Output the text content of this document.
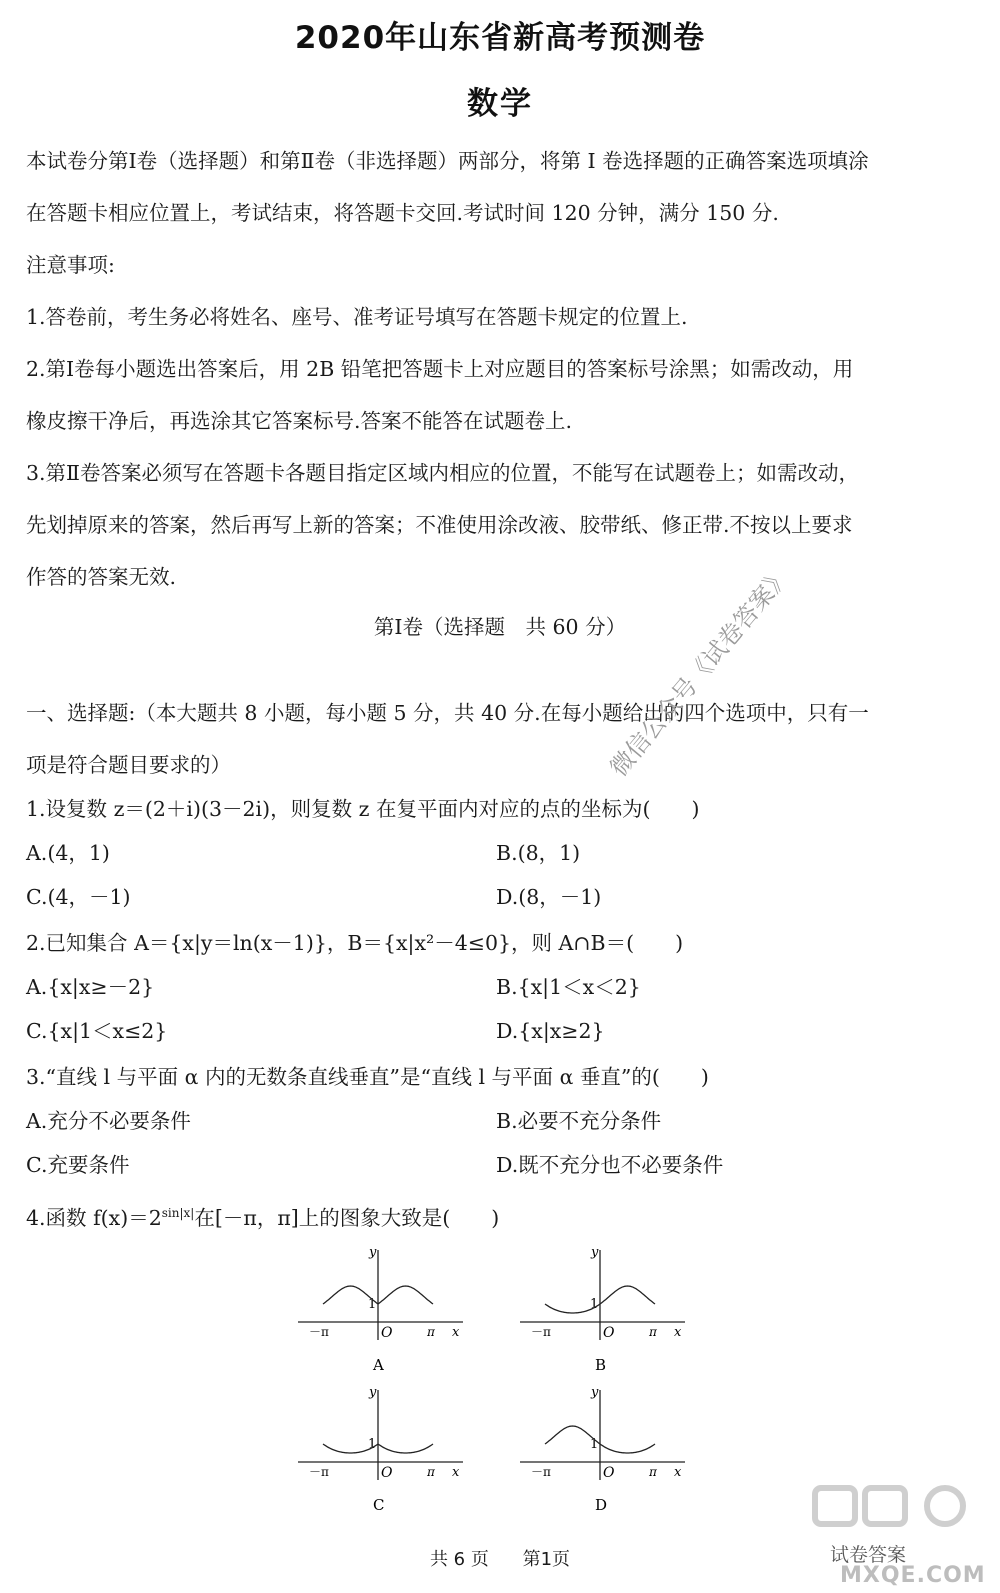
2020年山东省新高考预测卷
数学
本试卷分第Ⅰ卷（选择题）和第Ⅱ卷（非选择题）两部分，将第 I 卷选择题的正确答案选项填涂
在答题卡相应位置上，考试结束，将答题卡交回.考试时间 120 分钟，满分 150 分.
注意事项:
1.答卷前，考生务必将姓名、座号、准考证号填写在答题卡规定的位置上.
2.第Ⅰ卷每小题选出答案后，用 2B 铅笔把答题卡上对应题目的答案标号涂黑；如需改动，用
橡皮擦干净后，再选涂其它答案标号.答案不能答在试题卷上.
3.第Ⅱ卷答案必须写在答题卡各题目指定区域内相应的位置，不能写在试题卷上；如需改动，
先划掉原来的答案，然后再写上新的答案；不准使用涂改液、胶带纸、修正带.不按以上要求
作答的答案无效.
第Ⅰ卷（选择题　共 60 分）
一、选择题:（本大题共 8 小题，每小题 5 分，共 40 分.在每小题给出的四个选项中，只有一
项是符合题目要求的）
1.设复数 z＝(2＋i)(3－2i)，则复数 z 在复平面内对应的点的坐标为(　　)
A.(4，1)	B.(8，1)
C.(4，－1)	D.(8，－1)
2.已知集合 A＝{x|y＝ln(x－1)}，B＝{x|x²－4≤0}，则 A∩B＝(　　)
A.{x|x≥－2}	B.{x|1＜x＜2}
C.{x|1＜x≤2}	D.{x|x≥2}
3.“直线 l 与平面 α 内的无数条直线垂直”是“直线 l 与平面 α 垂直”的(　　)
A.充分不必要条件	B.必要不充分条件
C.充要条件	D.既不充分也不必要条件
4.函数 $f(x)=2^{sin|x|}$在[－π，π]上的图象大致是(　　)
y
x
O
1
－π	π
A
y
x
O
1
－π	π
B
y
x
O
1
－π	π
C
y
x
O
1
－π	π
D
微信公众号《试卷答案》
共 6 页 第1页	试卷答案
MXQE.COM
